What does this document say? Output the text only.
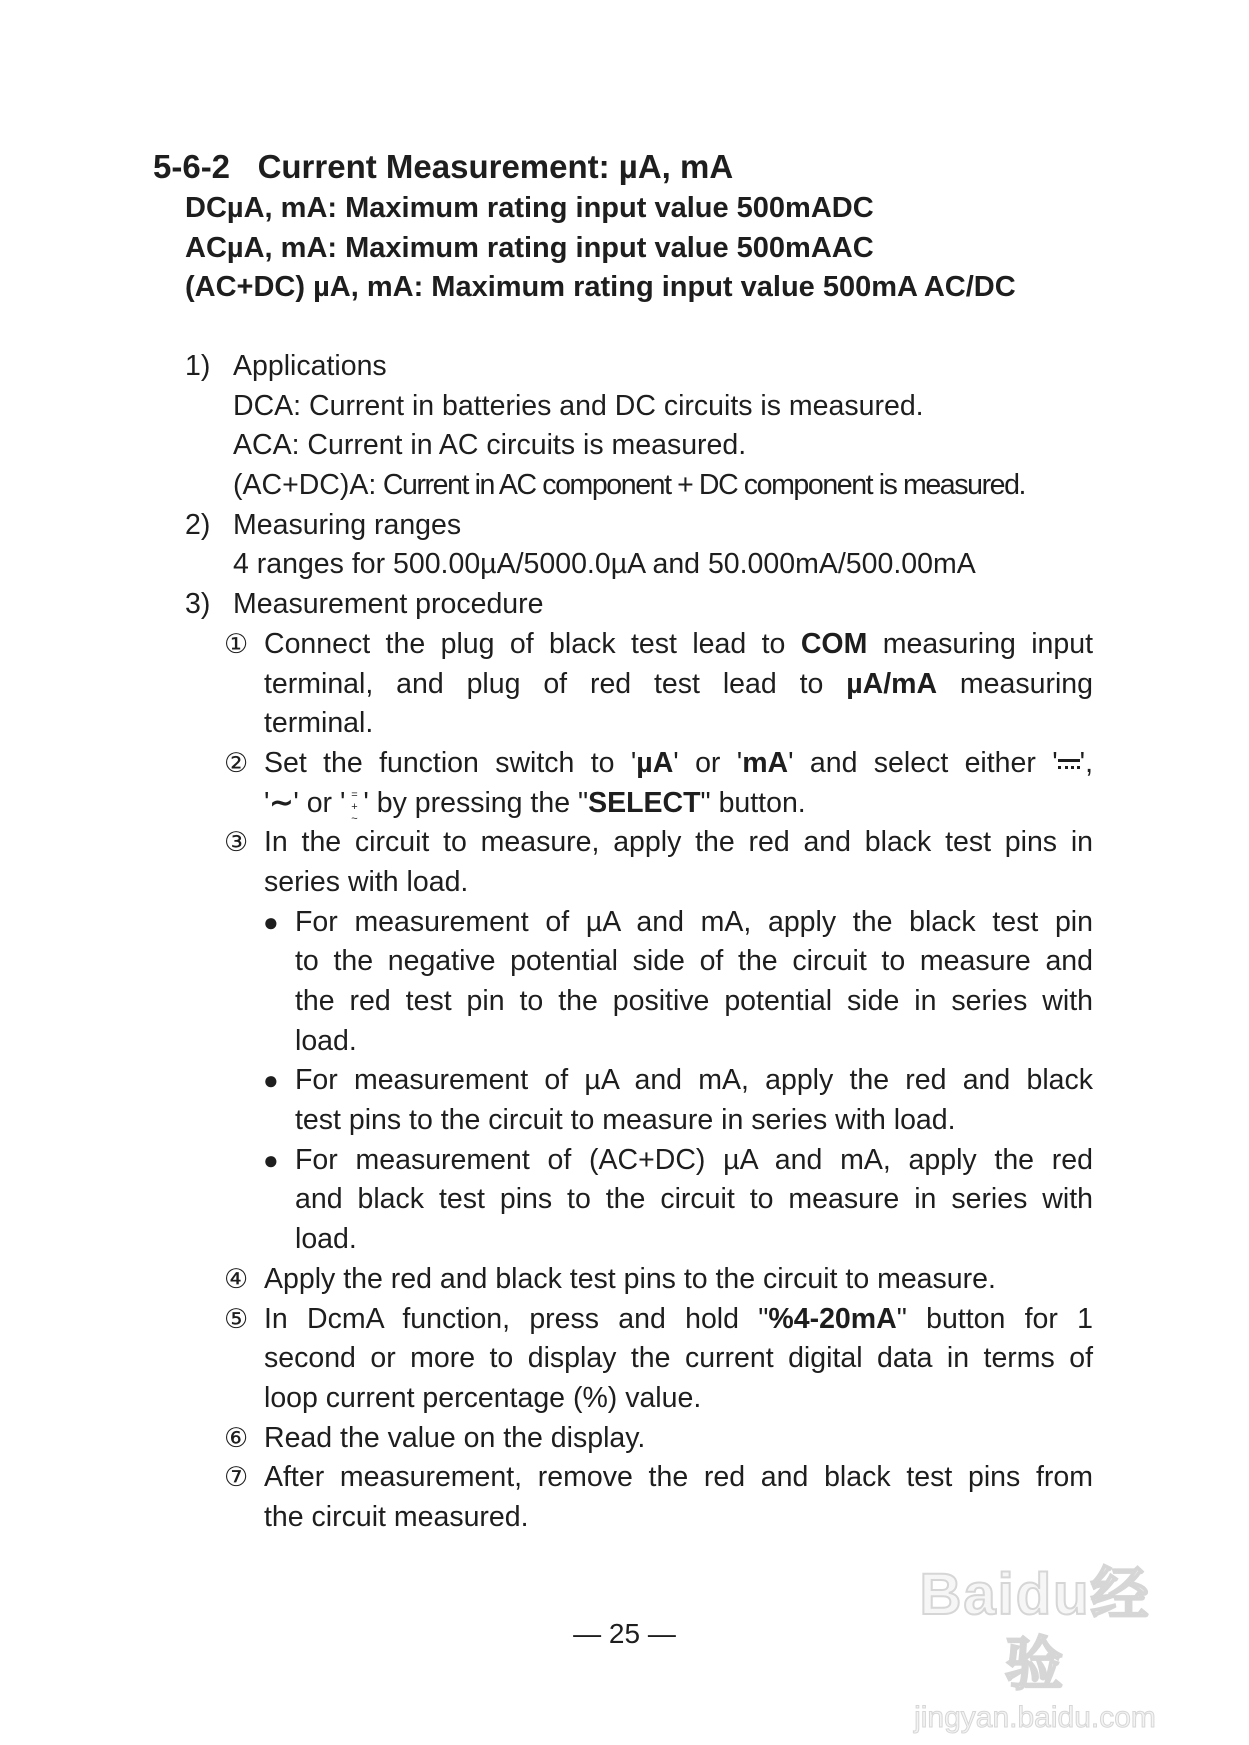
5-6-2 Current Measurement: µA, mA
DCµA, mA: Maximum rating input value 500mADC
ACµA, mA: Maximum rating input value 500mAAC
(AC+DC) µA, mA: Maximum rating input value 500mA AC/DC
1) Applications
DCA: Current in batteries and DC circuits is measured.
ACA: Current in AC circuits is measured.
(AC+DC)A: Current in AC component + DC component is measured.
2) Measuring ranges
4 ranges for 500.00µA/5000.0µA and 50.000mA/500.00mA
3) Measurement procedure
① Connect the plug of black test lead to COM measuring input
terminal, and plug of red test lead to µA/mA measuring
terminal.
② Set the function switch to 'µA' or 'mA' and select either ' ',
'∼' or ' =
+
~ ' by pressing the "SELECT" button.
③ In the circuit to measure, apply the red and black test pins in
series with load.
● For measurement of µA and mA, apply the black test pin
to the negative potential side of the circuit to measure and
the red test pin to the positive potential side in series with
load.
● For measurement of µA and mA, apply the red and black
test pins to the circuit to measure in series with load.
● For measurement of (AC+DC) µA and mA, apply the red
and black test pins to the circuit to measure in series with
load.
④ Apply the red and black test pins to the circuit to measure.
⑤ In DcmA function, press and hold "%4-20mA" button for 1
second or more to display the current digital data in terms of
loop current percentage (%) value.
⑥ Read the value on the display.
⑦ After measurement, remove the red and black test pins from
the circuit measured.
— 25 —
Baidu经验
jingyan.baidu.com
